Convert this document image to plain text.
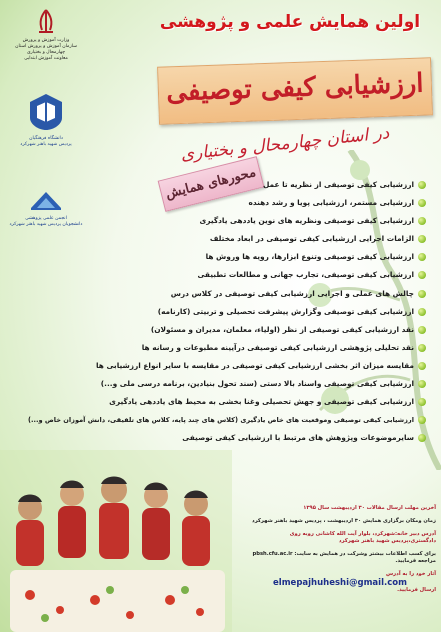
وزارت آموزش و پرورش
سازمان آموزش و پرورش استان چهارمحال و بختیاری
معاونت آموزش ابتدایی
دانشگاه فرهنگیان
پردیس شهید باهنر شهرکرد
انجمن علمی پژوهشی
دانشجویان پردیس شهید باهنر شهرکرد
اولین همایش علمی و پژوهشی
ارزشیابی کیفی توصیفی
در استان چهارمحال و بختیاری
محورهای همایش ارزشیابی کیفی توصیفی از نظریه تا عمل
ارزشیابی مستمر، ارزشیابی پویا و رشد دهنده
ارزشیابی کیفی توصیفی ونظریه های نوین یاددهی یادگیری
الزامات اجرایی ارزشیابی کیفی توصیفی در ابعاد مختلف
ارزشیابی کیفی توصیفی وتنوع ابزارها، رویه ها وروش ها
ارزشیابی کیفی توصیفی، تجارب جهانی و مطالعات تطبیقی
چالش های عملی و اجرایی ارزشیابی کیفی توصیفی در کلاس درس
ارزشیابی کیفی توصیفی وگزارش پیشرفت تحصیلی و تربیتی (کارنامه)
نقد ارزشیابی کیفی توصیفی از نظر (اولیاء، معلمان، مدیران و مسئولان)
نقد تحلیلی پژوهشی ارزشیابی کیفی توصیفی درآیینه مطبوعات و رسانه ها
مقایسه میزان اثر بخشی ارزشیابی کیفی توصیفی در مقایسه با سایر انواع ارزشیابی ها
ارزشیابی کیفی توصیفی واسناد بالا دستی (سند تحول بنیادین، برنامه درسی ملی و...)
ارزشیابی کیفی توصیفی و جهش تحصیلی وغنا بخشی به محیط های یاددهی یادگیری
ارزشیابی کیفی توصیفی وموقعیت های خاص یادگیری (کلاس های چند پایه، کلاس های تلفیقی، دانش آموزان خاص و...)
سایرموضوعات وپژوهش های مرتبط با ارزشیابی کیفی توصیفی

آخرین مهلت ارسال مقالات ۳۰ اردیبهشت سال ۱۳۹۵

زمان ومکان برگزاری همایش ۳۰ اردیبهشت ، پردیس شهید باهنر شهرکرد

آدرس دبیر خانه:شهرکرد، بلوار آیت الله کاشانی روبه روی دادگستری،پردیس شهید باهنر شهرکرد

برای کسب اطلاعات بیشتر وشرکت در همایش به سایت: pbsh.cfu.ac.ir مراجعه فرمایید.

آثار خود را به آدرس

elmepajhuheshi@gmail.com

ارسال فرمایید.
